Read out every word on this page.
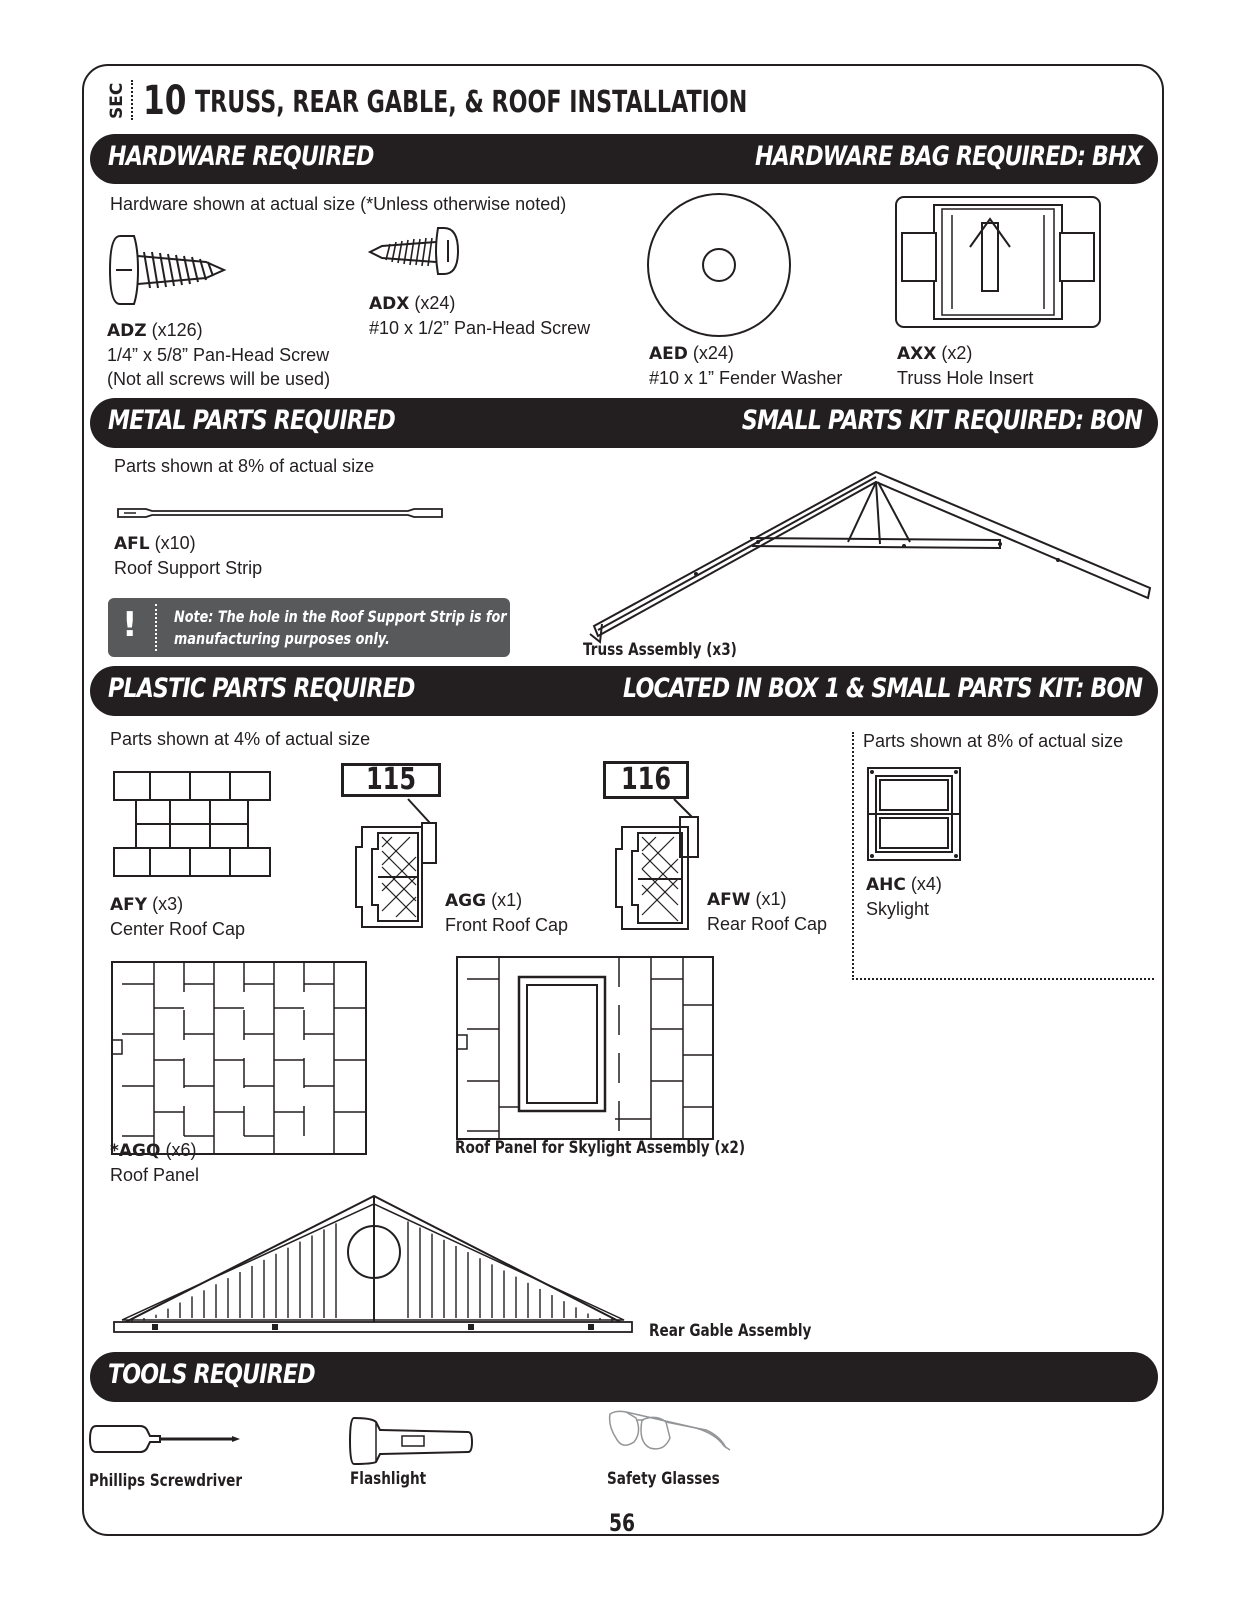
SEC 10 TRUSS, REAR GABLE, & ROOF INSTALLATION
HARDWARE REQUIRED	HARDWARE BAG REQUIRED: BHX
Hardware shown at actual size (*Unless otherwise noted)
ADZ (x126)
1/4” x 5/8” Pan-Head Screw
(Not all screws will be used)
ADX (x24)
#10 x 1/2” Pan-Head Screw
AED (x24)
#10 x 1” Fender Washer
AXX (x2)
Truss Hole Insert
METAL PARTS REQUIRED	SMALL PARTS KIT REQUIRED: BON
Parts shown at 8% of actual size
AFL (x10)
Roof Support Strip
! Note: The hole in the Roof Support Strip is for
manufacturing purposes only.
Truss Assembly (x3)
PLASTIC PARTS REQUIRED	LOCATED IN BOX 1 & SMALL PARTS KIT: BON
Parts shown at 4% of actual size	Parts shown at 8% of actual size
AFY (x3)
Center Roof Cap
115
AGG (x1)
Front Roof Cap
116
AFW (x1)
Rear Roof Cap
AHC (x4)
Skylight
*AGQ (x6)
Roof Panel
Roof Panel for Skylight Assembly (x2)
Rear Gable Assembly
TOOLS REQUIRED
Phillips Screwdriver	Flashlight	Safety Glasses
56
